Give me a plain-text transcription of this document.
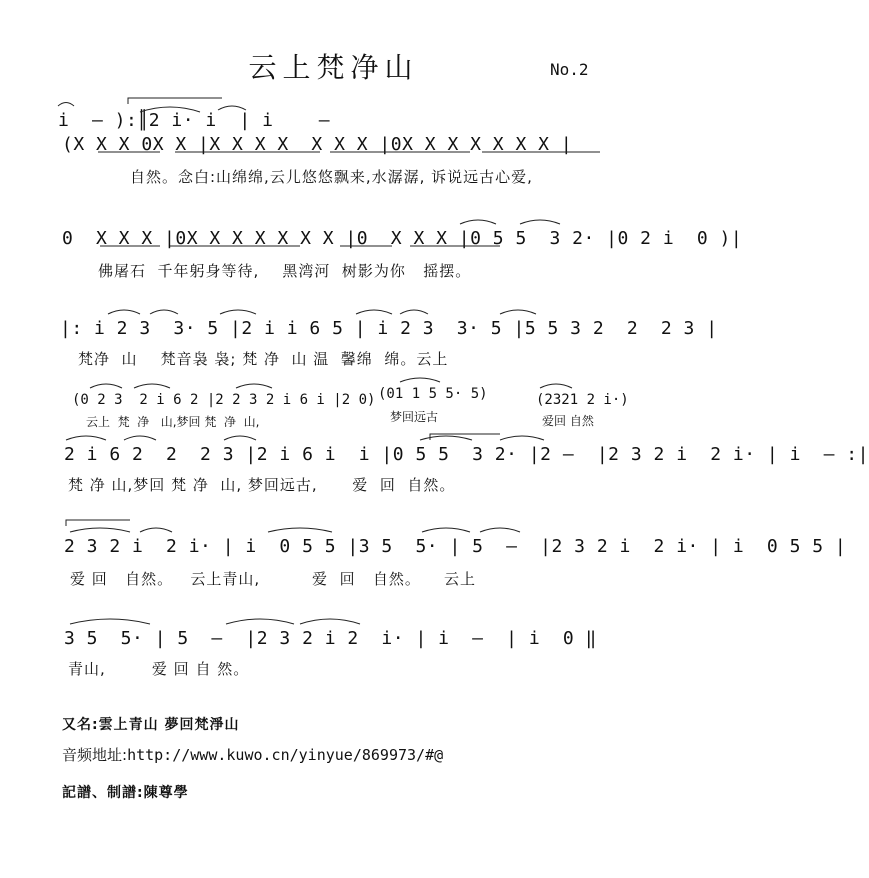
云上梵净山	No.2
i  – ):║2 i· i  | i    –
(X X X 0X X |X X X X  X X X |0X X X X X X X |
自然。念白:山绵绵,云儿悠悠飘来,水潺潺, 诉说远古心爱,
0  X X X |0X X X X X X X |0  X X X |0 5 5  3 2· |0 2 i  0 )|
佛屠石  千年躬身等待,    黑湾河  树影为你   摇摆。
|: i 2 3  3· 5 |2 i i 6 5 | i 2 3  3· 5 |5 5 3 2  2  2 3 |
梵净  山    梵音袅 袅; 梵 净  山 温  馨绵  绵。云上
(0 2 3  2 i 6 2 |2 2 3 2 i 6 i |2 0)
云上  梵  净   山,梦回 梵  净  山,
(01 1 5 5· 5)
梦回远古
(2321 2 i·)
爱回 自然
2 i 6 2  2  2 3 |2 i 6 i  i |0 5 5  3 2· |2 –  |2 3 2 i  2 i· | i  – :|
梵 净 山,梦回 梵 净  山, 梦回远古,      爱  回  自然。
2 3 2 i  2 i· | i  0 5 5 |3 5  5· | 5  –  |2 3 2 i  2 i· | i  0 5 5 |
爱 回   自然。   云上青山,         爱  回   自然。    云上
3 5  5· | 5  –  |2 3 2 i 2  i· | i  –  | i  0 ‖
青山,        爱 回 自 然。
又名:雲上青山 夢回梵淨山
音频地址:http://www.kuwo.cn/yinyue/869973/#@
記譜、制譜:陳尊學
